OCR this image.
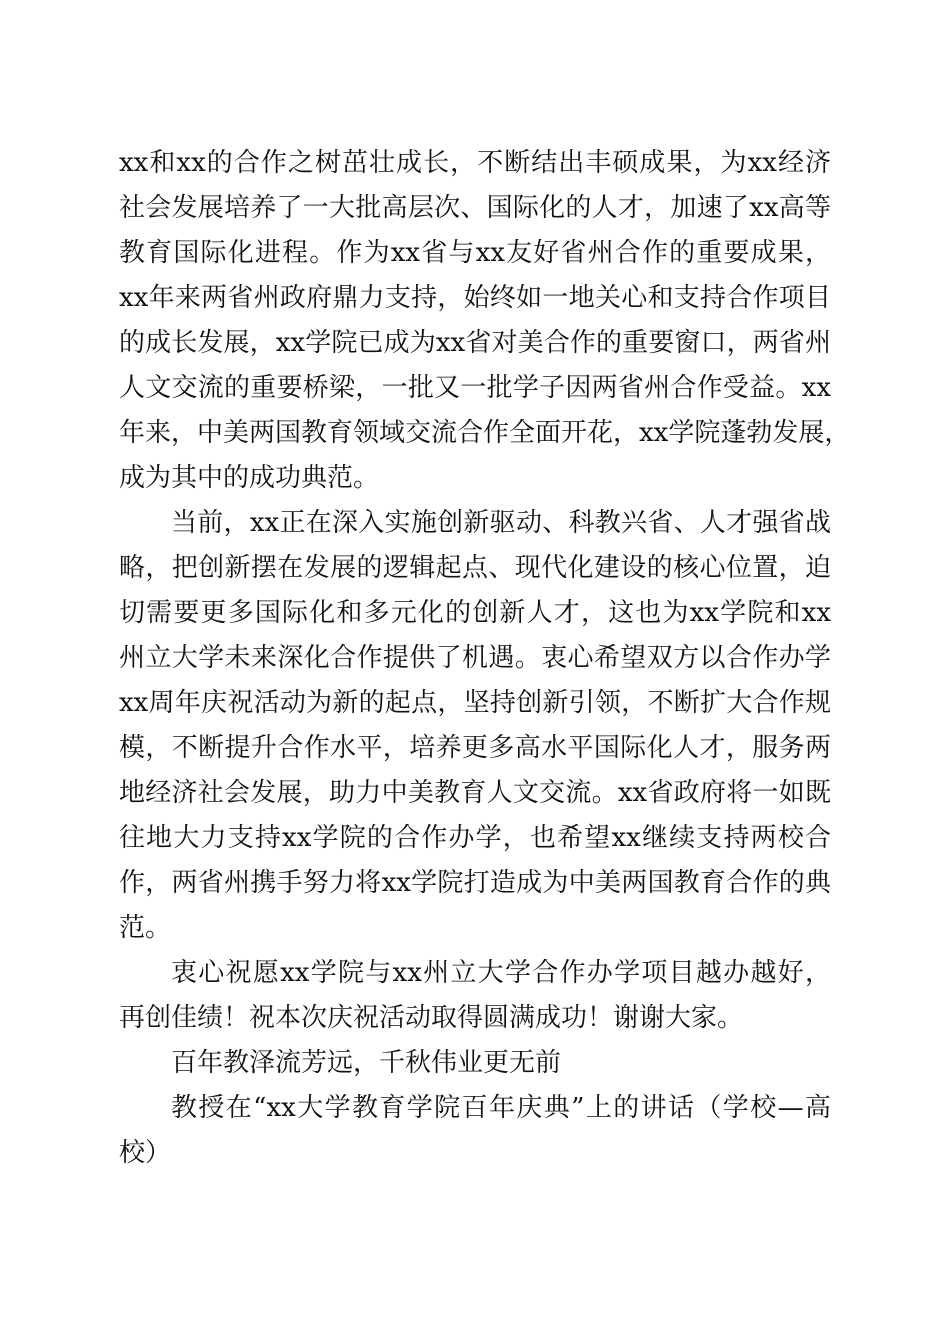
xx和xx的合作之树茁壮成长，不断结出丰硕成果，为xx经济
社会发展培养了一大批高层次、国际化的人才，加速了xx高等
教育国际化进程。作为xx省与xx友好省州合作的重要成果，
xx年来两省州政府鼎力支持，始终如一地关心和支持合作项目
的成长发展，xx学院已成为xx省对美合作的重要窗口，两省州
人文交流的重要桥梁，一批又一批学子因两省州合作受益。xx
年来，中美两国教育领域交流合作全面开花，xx学院蓬勃发展，
成为其中的成功典范。
当前，xx正在深入实施创新驱动、科教兴省、人才强省战
略，把创新摆在发展的逻辑起点、现代化建设的核心位置，迫
切需要更多国际化和多元化的创新人才，这也为xx学院和xx
州立大学未来深化合作提供了机遇。衷心希望双方以合作办学
xx周年庆祝活动为新的起点，坚持创新引领，不断扩大合作规
模，不断提升合作水平，培养更多高水平国际化人才，服务两
地经济社会发展，助力中美教育人文交流。xx省政府将一如既
往地大力支持xx学院的合作办学，也希望xx继续支持两校合
作，两省州携手努力将xx学院打造成为中美两国教育合作的典
范。
衷心祝愿xx学院与xx州立大学合作办学项目越办越好，
再创佳绩！祝本次庆祝活动取得圆满成功！谢谢大家。
百年教泽流芳远，千秋伟业更无前
教授在“xx大学教育学院百年庆典”上的讲话（学校—高
校）
